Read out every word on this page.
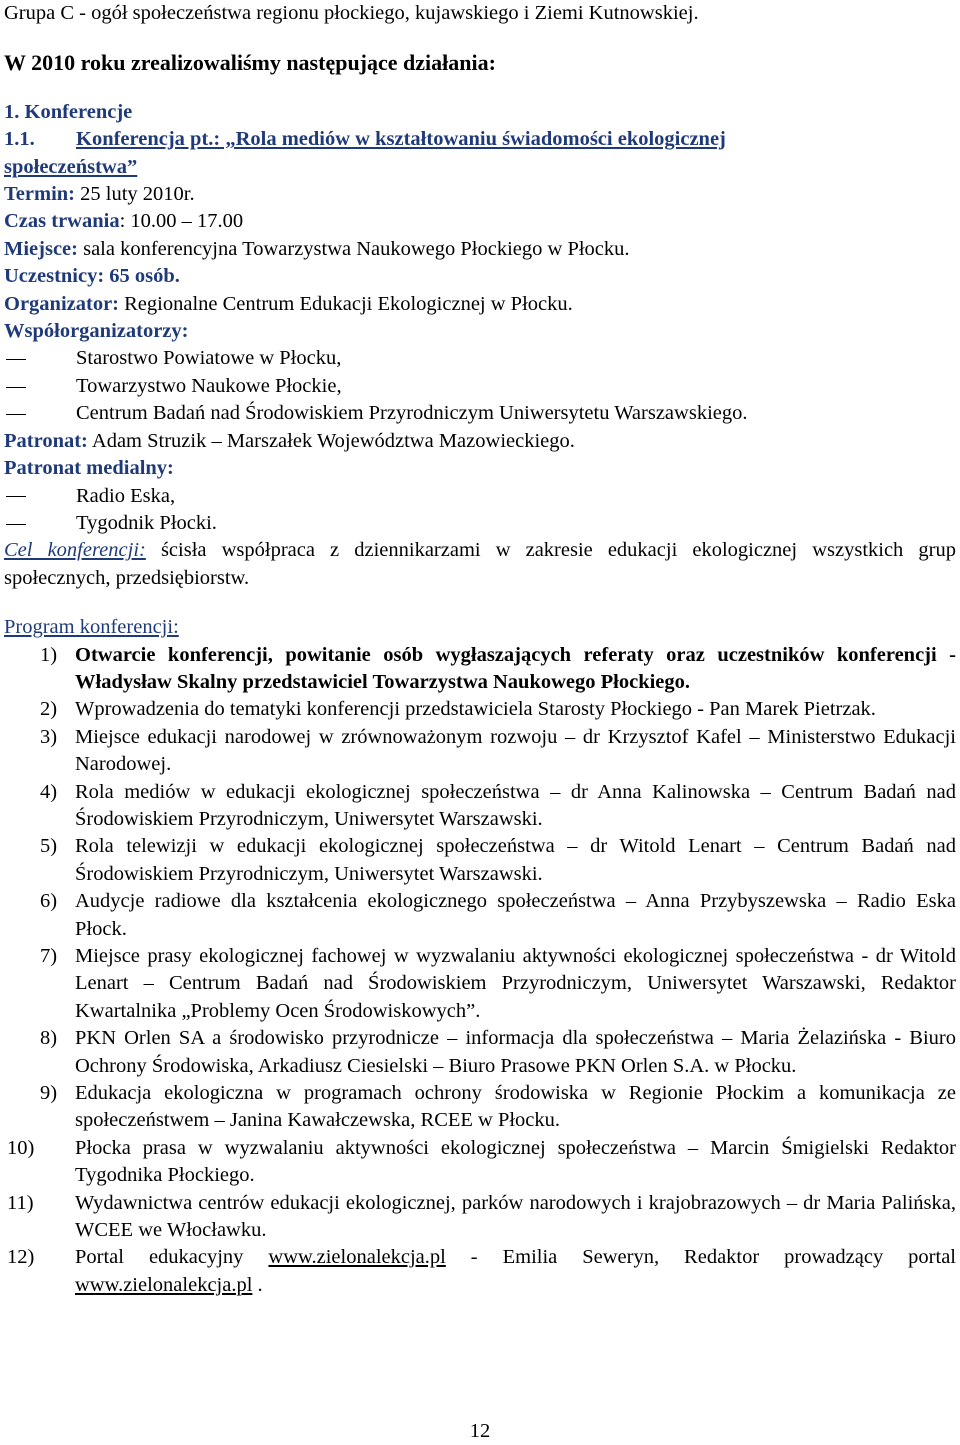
Grupa C - ogół społeczeństwa regionu płockiego, kujawskiego i Ziemi Kutnowskiej.
W 2010 roku zrealizowaliśmy następujące działania:
1. Konferencje
1.1. Konferencja pt.: „Rola mediów w kształtowaniu świadomości ekologicznej
społeczeństwa”
Termin: 25 luty 2010r.
Czas trwania: 10.00 – 17.00
Miejsce: sala konferencyjna Towarzystwa Naukowego Płockiego w Płocku.
Uczestnicy: 65 osób.
Organizator: Regionalne Centrum Edukacji Ekologicznej w Płocku.
Współorganizatorzy:
Starostwo Powiatowe w Płocku,
Towarzystwo Naukowe Płockie,
Centrum Badań nad Środowiskiem Przyrodniczym Uniwersytetu Warszawskiego.
Patronat: Adam Struzik – Marszałek Województwa Mazowieckiego.
Patronat medialny:
Radio Eska,
Tygodnik Płocki.
Cel konferencji: ścisła współpraca z dziennikarzami w zakresie edukacji ekologicznej wszystkich grup społecznych, przedsiębiorstw.
Program konferencji:
1) Otwarcie konferencji, powitanie osób wygłaszających referaty oraz uczestników konferencji - Władysław Skalny przedstawiciel Towarzystwa Naukowego Płockiego.
2) Wprowadzenia do tematyki konferencji przedstawiciela Starosty Płockiego - Pan Marek Pietrzak.
3) Miejsce edukacji narodowej w zrównoważonym rozwoju – dr Krzysztof Kafel – Ministerstwo Edukacji Narodowej.
4) Rola mediów w edukacji ekologicznej społeczeństwa – dr Anna Kalinowska – Centrum Badań nad Środowiskiem Przyrodniczym, Uniwersytet Warszawski.
5) Rola telewizji w edukacji ekologicznej społeczeństwa – dr Witold Lenart – Centrum Badań nad Środowiskiem Przyrodniczym, Uniwersytet Warszawski.
6) Audycje radiowe dla kształcenia ekologicznego społeczeństwa – Anna Przybyszewska – Radio Eska Płock.
7) Miejsce prasy ekologicznej fachowej w wyzwalaniu aktywności ekologicznej społeczeństwa - dr Witold Lenart – Centrum Badań nad Środowiskiem Przyrodniczym, Uniwersytet Warszawski, Redaktor Kwartalnika „Problemy Ocen Środowiskowych”.
8) PKN Orlen SA a środowisko przyrodnicze – informacja dla społeczeństwa – Maria Żelazińska - Biuro Ochrony Środowiska, Arkadiusz Ciesielski – Biuro Prasowe PKN Orlen S.A. w Płocku.
9) Edukacja ekologiczna w programach ochrony środowiska w Regionie Płockim a komunikacja ze społeczeństwem – Janina Kawałczewska, RCEE w Płocku.
10) Płocka prasa w wyzwalaniu aktywności ekologicznej społeczeństwa – Marcin Śmigielski Redaktor Tygodnika Płockiego.
11) Wydawnictwa centrów edukacji ekologicznej, parków narodowych i krajobrazowych – dr Maria Palińska, WCEE we Włocławku.
12) Portal edukacyjny www.zielonalekcja.pl - Emilia Seweryn, Redaktor prowadzący portal www.zielonalekcja.pl .
12
